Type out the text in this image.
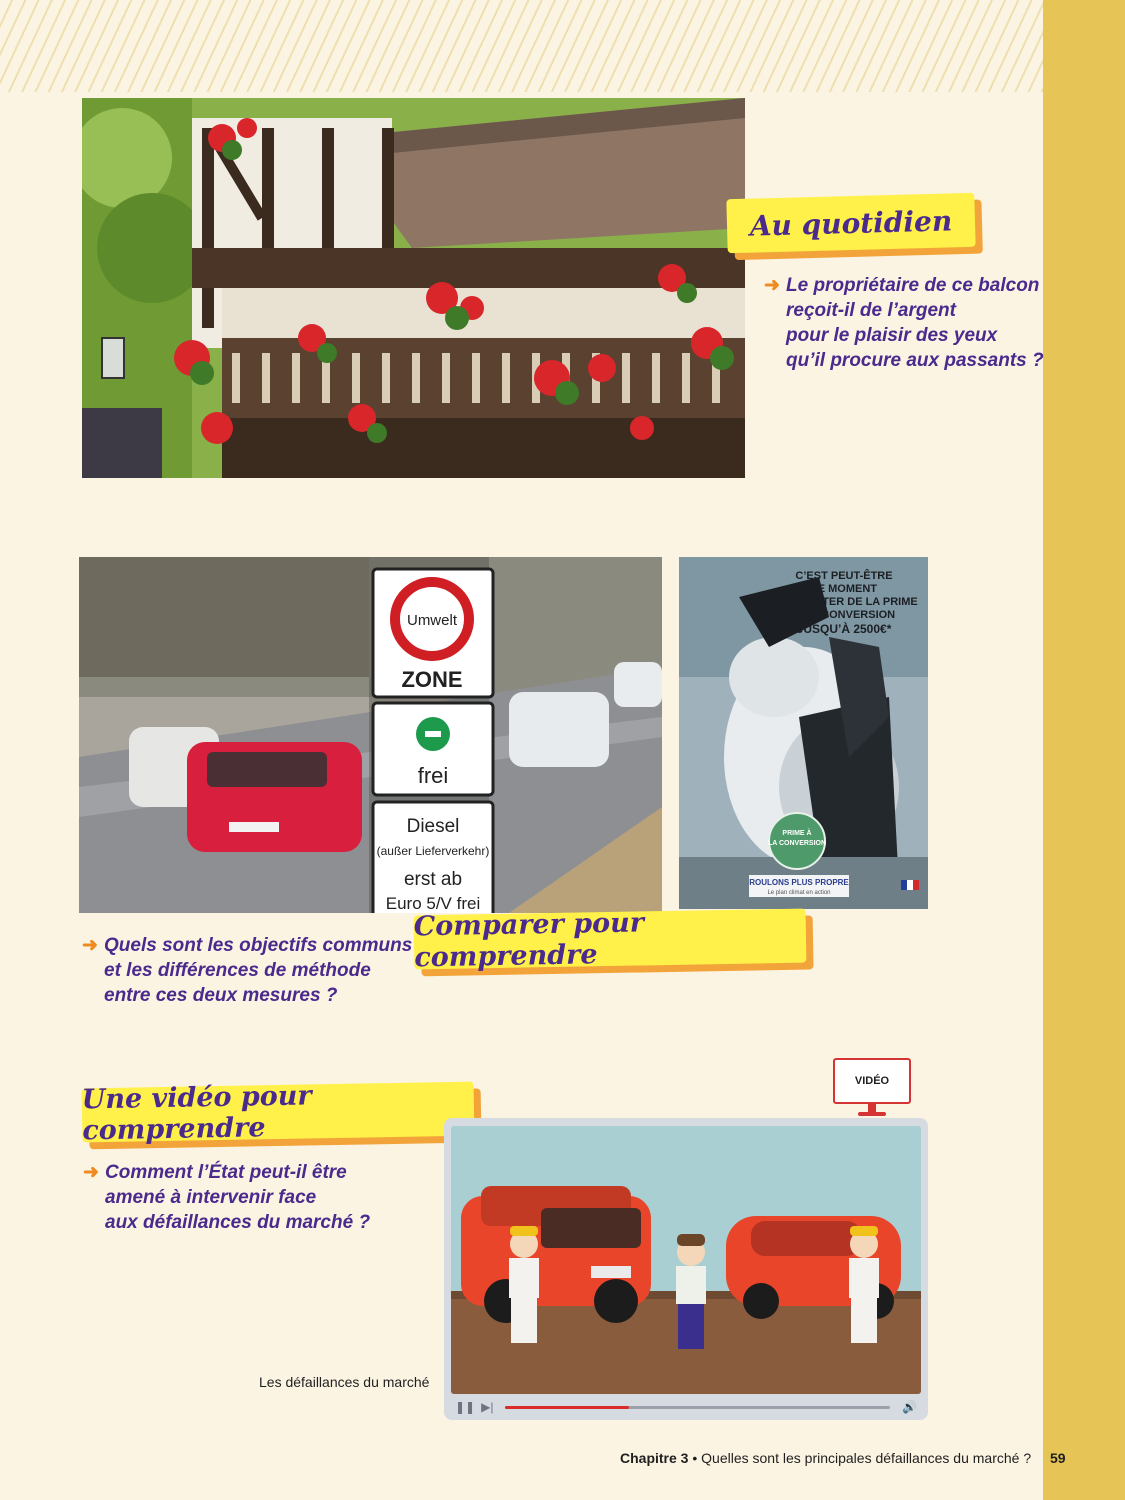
Au quotidien
➜ Le propriétaire de ce balcon
reçoit-il de l’argent
pour le plaisir des yeux
qu’il procure aux passants ?
Umwelt
ZONE
frei
Diesel
(außer Lieferverkehr)
erst ab
Euro 5/V frei
C’EST PEUT-ÊTRE
LE MOMENT
DE PROFITER DE LA PRIME
À LA CONVERSION
JUSQU’À 2500€*
PRIME À
LA CONVERSION
ROULONS PLUS PROPRE
Le plan climat en action
➜ Quels sont les objectifs communs
et les différences de méthode
entre ces deux mesures ?
Comparer pour comprendre
Une vidéo pour comprendre
➜ Comment l’État peut-il être
amené à intervenir face
aux défaillances du marché ?
VIDÉO
❚❚ ▶|	🔊
Les défaillances du marché
Chapitre 3 • Quelles sont les principales défaillances du marché ? 59
